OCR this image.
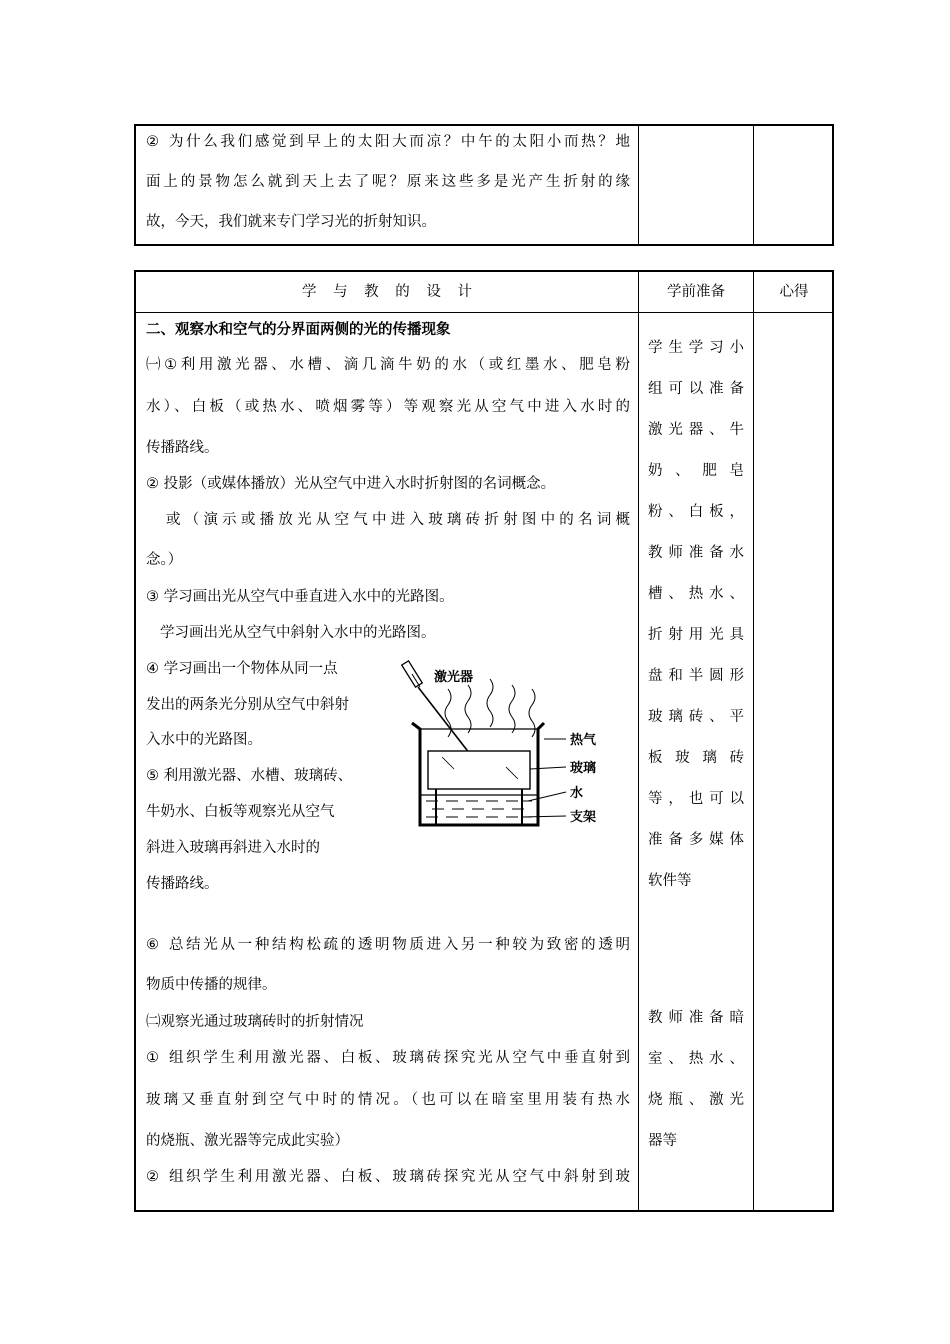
② 为什么我们感觉到早上的太阳大而凉？中午的太阳小而热？地
面上的景物怎么就到天上去了呢？原来这些多是光产生折射的缘
故，今天，我们就来专门学习光的折射知识。
学 与 教 的 设 计	学前准备	心得
二、观察水和空气的分界面两侧的光的传播现象
㈠①利用激光器、水槽、滴几滴牛奶的水（或红墨水、肥皂粉
水）、白板（或热水、喷烟雾等）等观察光从空气中进入水时的
传播路线。
② 投影（或媒体播放）光从空气中进入水时折射图的名词概念。
或（演示或播放光从空气中进入玻璃砖折射图中的名词概
念。）
③ 学习画出光从空气中垂直进入水中的光路图。
学习画出光从空气中斜射入水中的光路图。
④ 学习画出一个物体从同一点
发出的两条光分别从空气中斜射
入水中的光路图。
⑤ 利用激光器、水槽、玻璃砖、
牛奶水、白板等观察光从空气
斜进入玻璃再斜进入水时的
传播路线。
激光器
热气
玻璃
水
支架
⑥ 总结光从一种结构松疏的透明物质进入另一种较为致密的透明
物质中传播的规律。
㈡观察光通过玻璃砖时的折射情况
① 组织学生利用激光器、白板、玻璃砖探究光从空气中垂直射到
玻璃又垂直射到空气中时的情况。（也可以在暗室里用装有热水
的烧瓶、激光器等完成此实验）
② 组织学生利用激光器、白板、玻璃砖探究光从空气中斜射到玻
学生学习小
组可以准备
激光器、牛
奶、肥皂
粉、白板，
教师准备水
槽、热水、
折射用光具
盘和半圆形
玻璃砖、平
板玻璃砖
等，也可以
准备多媒体
软件等
教师准备暗
室、热水、
烧瓶、激光
器等
